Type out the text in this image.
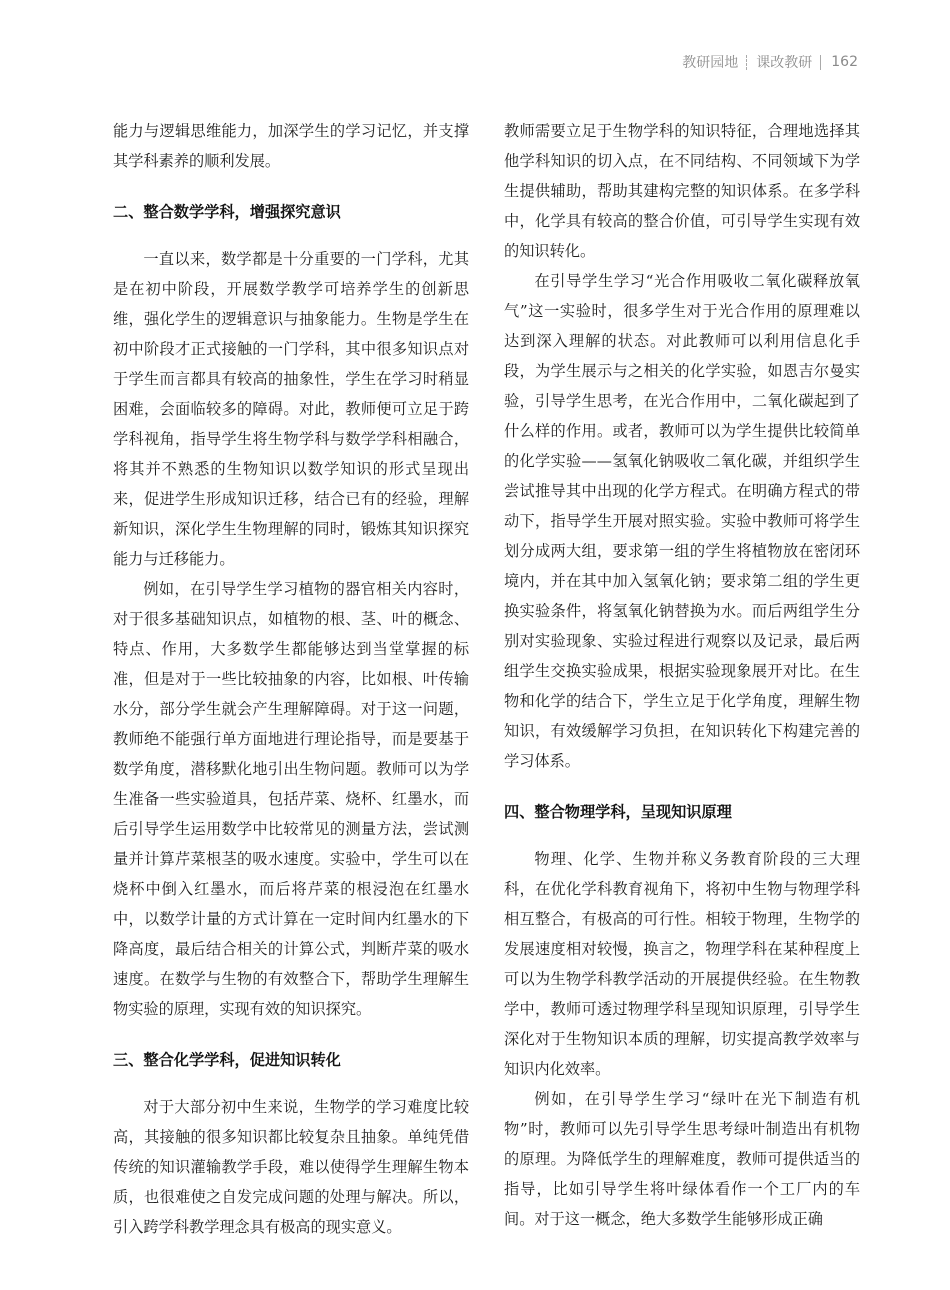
教研园地 课改教研 162

能力与逻辑思维能力，加深学生的学习记忆，并支撑其学科素养的顺利发展。

二、整合数学学科，增强探究意识

一直以来，数学都是十分重要的一门学科，尤其是在初中阶段，开展数学教学可培养学生的创新思维，强化学生的逻辑意识与抽象能力。生物是学生在初中阶段才正式接触的一门学科，其中很多知识点对于学生而言都具有较高的抽象性，学生在学习时稍显困难，会面临较多的障碍。对此，教师便可立足于跨学科视角，指导学生将生物学科与数学学科相融合，将其并不熟悉的生物知识以数学知识的形式呈现出来，促进学生形成知识迁移，结合已有的经验，理解新知识，深化学生生物理解的同时，锻炼其知识探究能力与迁移能力。

例如，在引导学生学习植物的器官相关内容时，对于很多基础知识点，如植物的根、茎、叶的概念、特点、作用，大多数学生都能够达到当堂掌握的标准，但是对于一些比较抽象的内容，比如根、叶传输水分，部分学生就会产生理解障碍。对于这一问题，教师绝不能强行单方面地进行理论指导，而是要基于数学角度，潜移默化地引出生物问题。教师可以为学生准备一些实验道具，包括芹菜、烧杯、红墨水，而后引导学生运用数学中比较常见的测量方法，尝试测量并计算芹菜根茎的吸水速度。实验中，学生可以在烧杯中倒入红墨水，而后将芹菜的根浸泡在红墨水中，以数学计量的方式计算在一定时间内红墨水的下降高度，最后结合相关的计算公式，判断芹菜的吸水速度。在数学与生物的有效整合下，帮助学生理解生物实验的原理，实现有效的知识探究。

三、整合化学学科，促进知识转化

对于大部分初中生来说，生物学的学习难度比较高，其接触的很多知识都比较复杂且抽象。单纯凭借传统的知识灌输教学手段，难以使得学生理解生物本质，也很难使之自发完成问题的处理与解决。所以，引入跨学科教学理念具有极高的现实意义。

教师需要立足于生物学科的知识特征，合理地选择其他学科知识的切入点，在不同结构、不同领域下为学生提供辅助，帮助其建构完整的知识体系。在多学科中，化学具有较高的整合价值，可引导学生实现有效的知识转化。

在引导学生学习“光合作用吸收二氧化碳释放氧气”这一实验时，很多学生对于光合作用的原理难以达到深入理解的状态。对此教师可以利用信息化手段，为学生展示与之相关的化学实验，如恩吉尔曼实验，引导学生思考，在光合作用中，二氧化碳起到了什么样的作用。或者，教师可以为学生提供比较简单的化学实验——氢氧化钠吸收二氧化碳，并组织学生尝试推导其中出现的化学方程式。在明确方程式的带动下，指导学生开展对照实验。实验中教师可将学生划分成两大组，要求第一组的学生将植物放在密闭环境内，并在其中加入氢氧化钠；要求第二组的学生更换实验条件，将氢氧化钠替换为水。而后两组学生分别对实验现象、实验过程进行观察以及记录，最后两组学生交换实验成果，根据实验现象展开对比。在生物和化学的结合下，学生立足于化学角度，理解生物知识，有效缓解学习负担，在知识转化下构建完善的学习体系。

四、整合物理学科，呈现知识原理

物理、化学、生物并称义务教育阶段的三大理科，在优化学科教育视角下，将初中生物与物理学科相互整合，有极高的可行性。相较于物理，生物学的发展速度相对较慢，换言之，物理学科在某种程度上可以为生物学科教学活动的开展提供经验。在生物教学中，教师可透过物理学科呈现知识原理，引导学生深化对于生物知识本质的理解，切实提高教学效率与知识内化效率。

例如，在引导学生学习“绿叶在光下制造有机物”时，教师可以先引导学生思考绿叶制造出有机物的原理。为降低学生的理解难度，教师可提供适当的指导，比如引导学生将叶绿体看作一个工厂内的车间。对于这一概念，绝大多数学生能够形成正确
